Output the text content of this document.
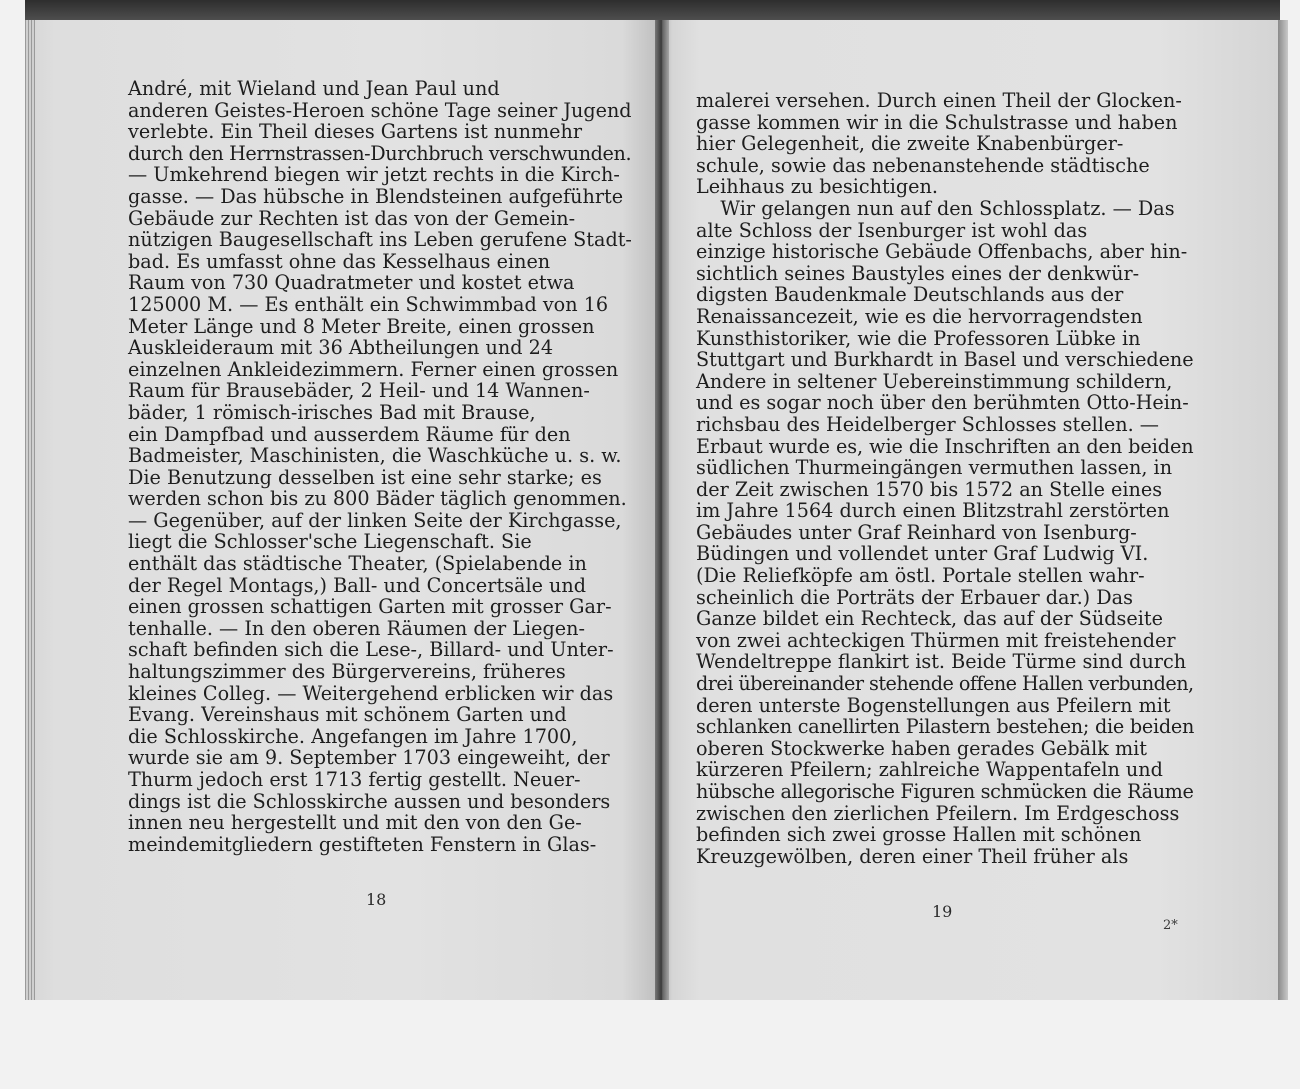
André, mit Wieland und Jean Paul und
anderen Geistes-Heroen schöne Tage seiner Jugend
verlebte. Ein Theil dieses Gartens ist nunmehr
durch den Herrnstrassen-Durchbruch verschwunden.
— Umkehrend biegen wir jetzt rechts in die Kirch-
gasse. — Das hübsche in Blendsteinen aufgeführte
Gebäude zur Rechten ist das von der Gemein-
nützigen Baugesellschaft ins Leben gerufene Stadt-
bad. Es umfasst ohne das Kesselhaus einen
Raum von 730 Quadratmeter und kostet etwa
125000 M. — Es enthält ein Schwimmbad von 16
Meter Länge und 8 Meter Breite, einen grossen
Auskleideraum mit 36 Abtheilungen und 24
einzelnen Ankleidezimmern. Ferner einen grossen
Raum für Brausebäder, 2 Heil- und 14 Wannen-
bäder, 1 römisch-irisches Bad mit Brause,
ein Dampfbad und ausserdem Räume für den
Badmeister, Maschinisten, die Waschküche u. s. w.
Die Benutzung desselben ist eine sehr starke; es
werden schon bis zu 800 Bäder täglich genommen.
— Gegenüber, auf der linken Seite der Kirchgasse,
liegt die Schlosser'sche Liegenschaft. Sie
enthält das städtische Theater, (Spielabende in
der Regel Montags,) Ball- und Concertsäle und
einen grossen schattigen Garten mit grosser Gar-
tenhalle. — In den oberen Räumen der Liegen-
schaft befinden sich die Lese-, Billard- und Unter-
haltungszimmer des Bürgervereins, früheres
kleines Colleg. — Weitergehend erblicken wir das
Evang. Vereinshaus mit schönem Garten und
die Schlosskirche. Angefangen im Jahre 1700,
wurde sie am 9. September 1703 eingeweiht, der
Thurm jedoch erst 1713 fertig gestellt. Neuer-
dings ist die Schlosskirche aussen und besonders
innen neu hergestellt und mit den von den Ge-
meindemitgliedern gestifteten Fenstern in Glas-
18
malerei versehen. Durch einen Theil der Glocken-
gasse kommen wir in die Schulstrasse und haben
hier Gelegenheit, die zweite Knabenbürger-
schule, sowie das nebenanstehende städtische
Leihhaus zu besichtigen.
Wir gelangen nun auf den Schlossplatz. — Das
alte Schloss der Isenburger ist wohl das
einzige historische Gebäude Offenbachs, aber hin-
sichtlich seines Baustyles eines der denkwür-
digsten Baudenkmale Deutschlands aus der
Renaissancezeit, wie es die hervorragendsten
Kunsthistoriker, wie die Professoren Lübke in
Stuttgart und Burkhardt in Basel und verschiedene
Andere in seltener Uebereinstimmung schildern,
und es sogar noch über den berühmten Otto-Hein-
richsbau des Heidelberger Schlosses stellen. —
Erbaut wurde es, wie die Inschriften an den beiden
südlichen Thurmeingängen vermuthen lassen, in
der Zeit zwischen 1570 bis 1572 an Stelle eines
im Jahre 1564 durch einen Blitzstrahl zerstörten
Gebäudes unter Graf Reinhard von Isenburg-
Büdingen und vollendet unter Graf Ludwig VI.
(Die Reliefköpfe am östl. Portale stellen wahr-
scheinlich die Porträts der Erbauer dar.) Das
Ganze bildet ein Rechteck, das auf der Südseite
von zwei achteckigen Thürmen mit freistehender
Wendeltreppe flankirt ist. Beide Türme sind durch
drei übereinander stehende offene Hallen verbunden,
deren unterste Bogenstellungen aus Pfeilern mit
schlanken canellirten Pilastern bestehen; die beiden
oberen Stockwerke haben gerades Gebälk mit
kürzeren Pfeilern; zahlreiche Wappentafeln und
hübsche allegorische Figuren schmücken die Räume
zwischen den zierlichen Pfeilern. Im Erdgeschoss
befinden sich zwei grosse Hallen mit schönen
Kreuzgewölben, deren einer Theil früher als
19
2*
